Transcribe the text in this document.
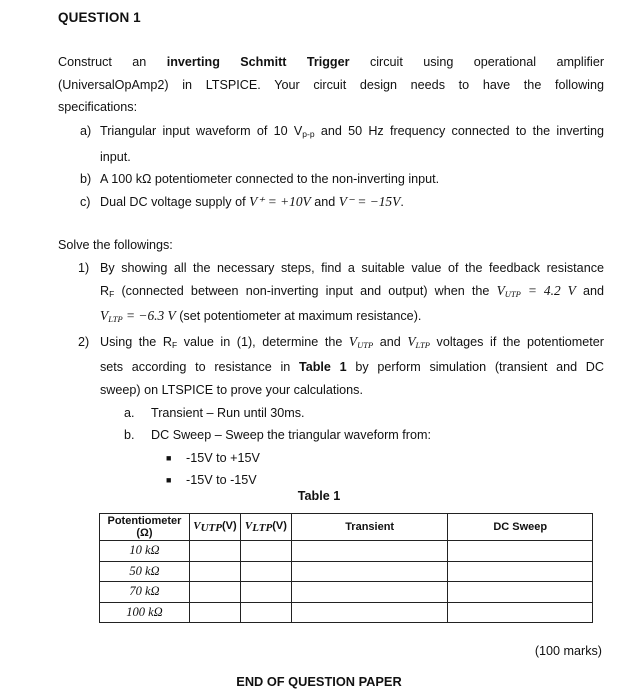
QUESTION 1
Construct an inverting Schmitt Trigger circuit using operational amplifier
(UniversalOpAmp2) in LTSPICE. Your circuit design needs to have the following
specifications:
a) Triangular input waveform of 10 $V_{p-p}$ and 50 Hz frequency connected to the inverting
input.
b) A 100 kΩ potentiometer connected to the non-inverting input.
c) Dual DC voltage supply of V⁺ = +10V and V⁻ = −15V.
Solve the followings:
1) By showing all the necessary steps, find a suitable value of the feedback resistance
$R_F$ (connected between non-inverting input and output) when the $V_{UTP} = 4.2$ V and
$V_{LTP} = -6.3$ V (set potentiometer at maximum resistance).
2) Using the $R_F$ value in (1), determine the $V_{UTP}$ and $V_{LTP}$ voltages if the potentiometer
sets according to resistance in Table 1 by perform simulation (transient and DC
sweep) on LTSPICE to prove your calculations.
a. Transient – Run until 30ms.
b. DC Sweep – Sweep the triangular waveform from:
■ -15V to +15V
■ -15V to -15V
Table 1
Potentiometer
(Ω)	$V_{UTP}(V)$	$V_{LTP}(V)$	Transient	DC Sweep
10 kΩ				
50 kΩ				
70 kΩ				
100 kΩ				
(100 marks)
END OF QUESTION PAPER
